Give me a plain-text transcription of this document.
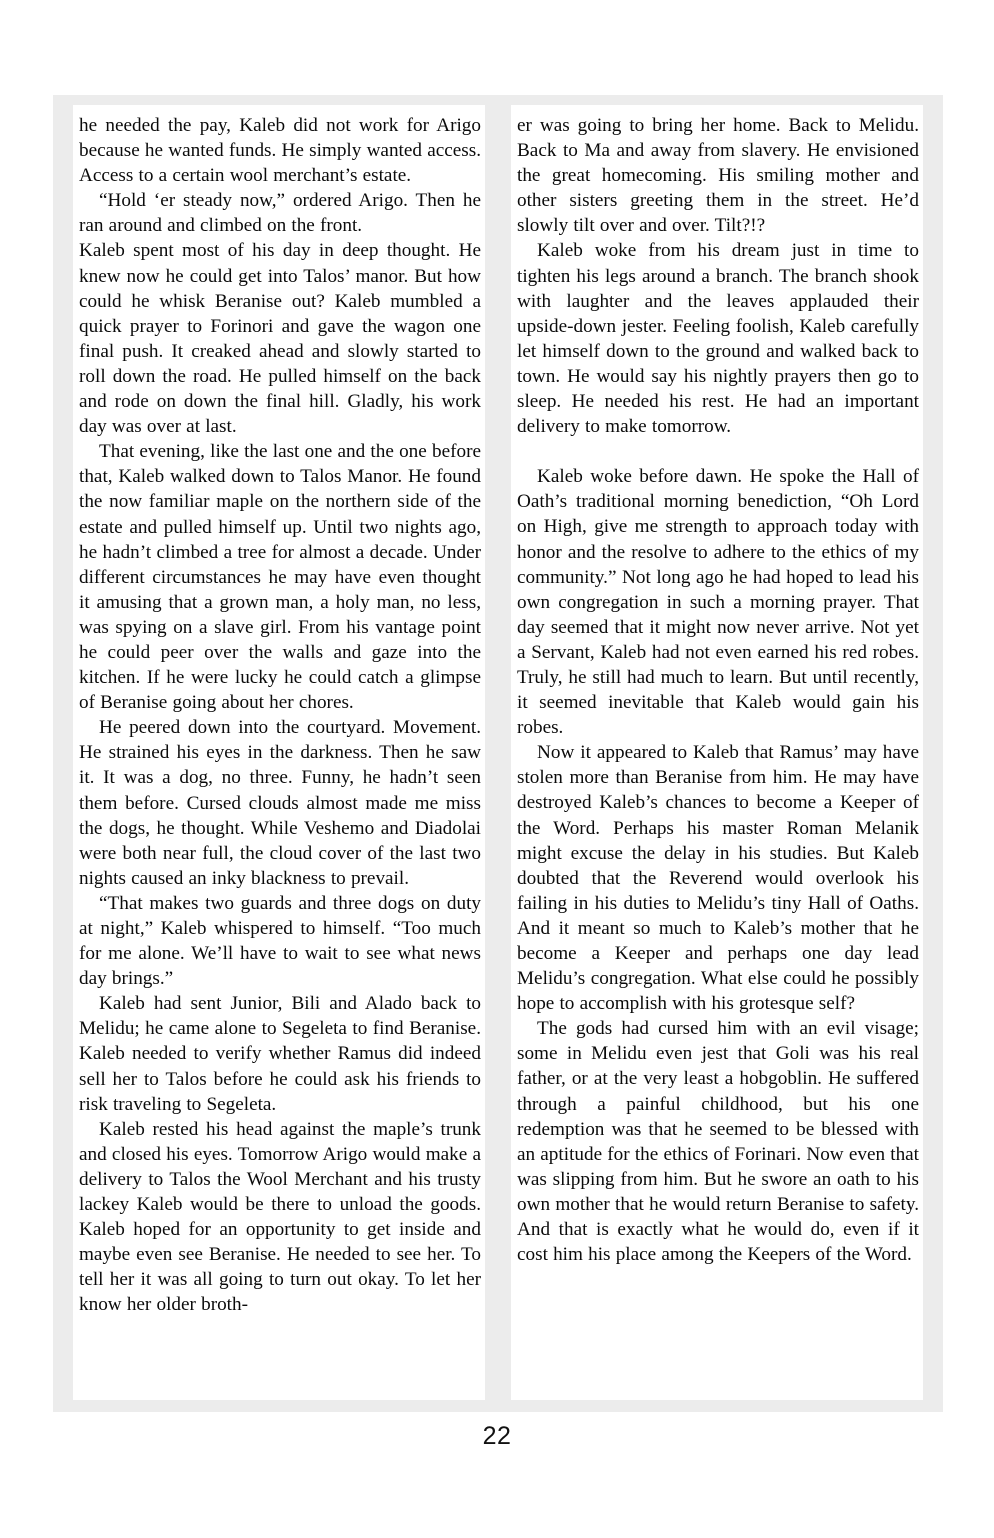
he needed the pay, Kaleb did not work for Arigo because he wanted funds. He simply wanted access. Access to a certain wool merchant’s estate.

“Hold ‘er steady now,” ordered Arigo. Then he ran around and climbed on the front.

Kaleb spent most of his day in deep thought. He knew now he could get into Talos’ manor. But how could he whisk Beranise out? Kaleb mumbled a quick prayer to Forinori and gave the wagon one final push. It creaked ahead and slowly started to roll down the road. He pulled himself on the back and rode on down the final hill. Gladly, his work day was over at last.

That evening, like the last one and the one before that, Kaleb walked down to Talos Manor. He found the now familiar maple on the northern side of the estate and pulled himself up. Until two nights ago, he hadn’t climbed a tree for almost a decade. Under different circumstances he may have even thought it amusing that a grown man, a holy man, no less, was spying on a slave girl. From his vantage point he could peer over the walls and gaze into the kitchen. If he were lucky he could catch a glimpse of Beranise going about her chores.

He peered down into the courtyard. Movement. He strained his eyes in the darkness. Then he saw it. It was a dog, no three. Funny, he hadn’t seen them before. Cursed clouds almost made me miss the dogs, he thought. While Veshemo and Diadolai were both near full, the cloud cover of the last two nights caused an inky blackness to prevail.

“That makes two guards and three dogs on duty at night,” Kaleb whispered to himself. “Too much for me alone. We’ll have to wait to see what news day brings.”

Kaleb had sent Junior, Bili and Alado back to Melidu; he came alone to Segeleta to find Beranise. Kaleb needed to verify whether Ramus did indeed sell her to Talos before he could ask his friends to risk traveling to Segeleta.

Kaleb rested his head against the maple’s trunk and closed his eyes. Tomorrow Arigo would make a delivery to Talos the Wool Merchant and his trusty lackey Kaleb would be there to unload the goods. Kaleb hoped for an opportunity to get inside and maybe even see Beranise. He needed to see her. To tell her it was all going to turn out okay. To let her know her older broth-

er was going to bring her home. Back to Melidu. Back to Ma and away from slavery. He envisioned the great homecoming. His smiling mother and other sisters greeting them in the street. He’d slowly tilt over and over. Tilt?!?

Kaleb woke from his dream just in time to tighten his legs around a branch. The branch shook with laughter and the leaves applauded their upside-down jester. Feeling foolish, Kaleb carefully let himself down to the ground and walked back to town. He would say his nightly prayers then go to sleep. He needed his rest. He had an important delivery to make tomorrow.

Kaleb woke before dawn. He spoke the Hall of Oath’s traditional morning benediction, “Oh Lord on High, give me strength to approach today with honor and the resolve to adhere to the ethics of my community.” Not long ago he had hoped to lead his own congregation in such a morning prayer. That day seemed that it might now never arrive. Not yet a Servant, Kaleb had not even earned his red robes. Truly, he still had much to learn. But until recently, it seemed inevitable that Kaleb would gain his robes.

Now it appeared to Kaleb that Ramus’ may have stolen more than Beranise from him. He may have destroyed Kaleb’s chances to become a Keeper of the Word. Perhaps his master Roman Melanik might excuse the delay in his studies. But Kaleb doubted that the Reverend would overlook his failing in his duties to Melidu’s tiny Hall of Oaths. And it meant so much to Kaleb’s mother that he become a Keeper and perhaps one day lead Melidu’s congregation. What else could he possibly hope to accomplish with his grotesque self?

The gods had cursed him with an evil visage; some in Melidu even jest that Goli was his real father, or at the very least a hobgoblin. He suffered through a painful childhood, but his one redemption was that he seemed to be blessed with an aptitude for the ethics of Forinari. Now even that was slipping from him. But he swore an oath to his own mother that he would return Beranise to safety. And that is exactly what he would do, even if it cost him his place among the Keepers of the Word.

22
